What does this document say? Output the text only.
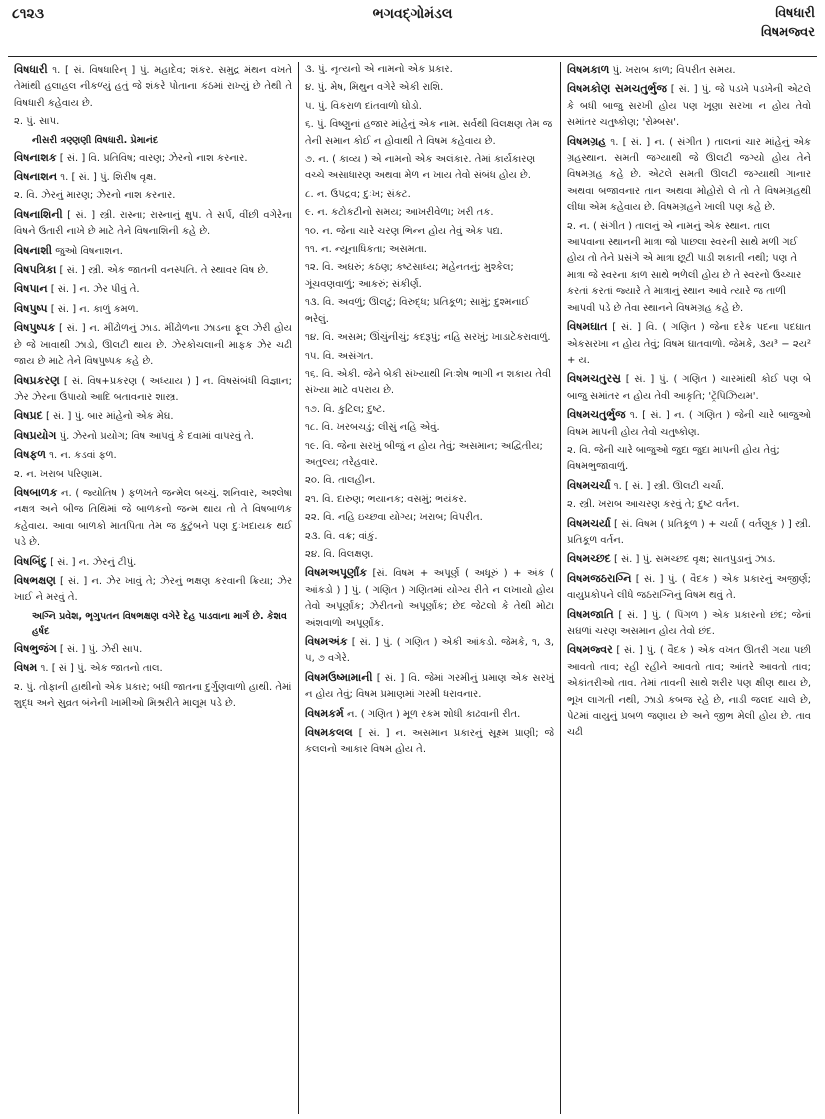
૮૧૨૩	ભગવદ્ગોમંડલ	વિષધારી
વિષમજ્વર

વિષધારી ૧. [ સં. વિષધારિન્ ] પું. મહાદેવ; શંકર. સમુદ્ર મંથન વખતે તેમાંથી હલાહલ નીકળ્યું હતું જે શંકરે પોતાના કંઠમાં રાખ્યું છે તેથી તે વિષધારી કહેવાય છે.

૨. પું. સાપ.

નીસરી ત્રણ્ણણી વિષધારી. પ્રેમાનંદ

વિષનાશક [ સં. ] વિ. પ્રતિવિષ; વારણ; ઝેરનો નાશ કરનાર.

વિષનાશન ૧. [ સં. ] પું. શિરીષ વૃક્ષ.

૨. વિ. ઝેરનું મારણ; ઝેરનો નાશ કરનાર.

વિષનાશિની [ સં. ] સ્ત્રી. રાસ્ના; રાસ્નાનું ક્ષુપ. તે સર્પ, વીંછી વગેરેના વિષને ઉતારી નાખે છે માટે તેને વિષનાશિની કહે છે.

વિષનાશી જુઓ વિષનાશન.

વિષપત્રિકા [ સં. ] સ્ત્રી. એક જાતની વનસ્પતિ. તે સ્થાવર વિષ છે.

વિષપાન [ સં. ] ન. ઝેર પીવું તે.

વિષપુષ્પ [ સં. ] ન. કાળું કમળ.

વિષપુષ્પક [ સં. ] ન. મીંઢોળનું ઝાડ. મીંઢોળના ઝાડના ફૂલ ઝેરી હોય છે જે ખાવાથી ઝાડો, ઊલટી થાય છે. ઝેરકોચલાની માફક ઝેર ચઢી જાય છે માટે તેને વિષપુષ્પક કહે છે.

વિષપ્રકરણ [ સં. વિષ+પ્રકરણ ( અધ્યાય ) ] ન. વિષસંબંધી વિજ્ઞાન; ઝેર ઝેરના ઉપાયો આદિ બતાવનાર શાસ્ત્ર.

વિષપ્રદ [ સં. ] પું. બાર માંહેનો એક મેઘ.

વિષપ્રયોગ પું. ઝેરનો પ્રયોગ; વિષ આપવું કે દવામાં વાપરવું તે.

વિષફળ ૧. ન. કડવાં ફળ.

૨. ન. ખરાબ પરિણામ.

વિષબાળક ન. ( જ્યોતિષ ) ફળખતે જન્મેલ બચ્ચું. શનિવાર, અશ્લેષા નક્ષત્ર અને બીજ તિથિમાં જે બાળકનો જન્મ થાય તો તે વિષબાળક કહેવાય. આવા બાળકો માતપિતા તેમ જ કુટુંબને પણ દુઃખદાયક થઈ પડે છે.

વિષબિંદુ [ સં. ] ન. ઝેરનું ટીપું.

વિષભક્ષણ [ સં. ] ન. ઝેર ખાવું તે; ઝેરનું ભક્ષણ કરવાની ક્રિયા; ઝેર ખાઈ ને મરવું તે.

અગ્નિ પ્રવેશ, ભૃગુપતન વિષભક્ષણ વગેરે દેહ પાડવાના માર્ગ છે. કેશવ હર્ષદ

વિષભુજંગ [ સં. ] પું. ઝેરી સાપ.

વિષમ ૧. [ સં ] પું. એક જાતનો તાલ.

૨. પું. તોફાની હાથીનો એક પ્રકાર; બધી જાતના દુર્ગુણવાળો હાથી. તેમાં શુદ્ધ અને સુવ્રત બંનેની ખામીઓ મિશ્રરીતે માલૂમ પડે છે.

૩. પું. નૃત્યનો એ નામનો એક પ્રકાર.

૪. પું. મેષ, મિથુન વગેરે એકી રાશિ.

૫. પું. વિકરાળ દાંતવાળો ઘોડો.

૬. પું. વિષ્ણુનાં હજાર માંહેનું એક નામ. સર્વથી વિલક્ષણ તેમ જ તેની સમાન કોઈ ન હોવાથી તે વિષમ કહેવાય છે.

૭. ન. ( કાવ્ય ) એ નામનો એક અલંકાર. તેમાં કાર્યકારણ વચ્ચે અસાધારણ અથવા મેળ ન ખાય તેવો સંબંધ હોય છે.

૮. ન. ઉપદ્રવ; દુઃખ; સંકટ.

૯. ન. કટોકટીનો સમય; આખરીવેળા; ખરી તક.

૧૦. ન. જેના ચારે ચરણ ભિન્ન હોય તેવું એક પદ્ય.

૧૧. ન. ન્યૂનાધિકતા; અસમતા.

૧૨. વિ. અઘરું; કઠણ; કષ્ટસાધ્ય; મહેનતનું; મુશ્કેલ; ગૂંચવણવાળું; આકરું; સંકીર્ણ.

૧૩. વિ. અવળું; ઊલટું; વિરુદ્ધ; પ્રતિકૂળ; સામું; દુશ્મનાઈ ભરેલું.

૧૪. વિ. અસમ; ઊંચુંનીચું; કદરૂપું; નહિ સરખું; ખાડાટેકરાવાળું.

૧૫. વિ. અસંગત.

૧૬. વિ. એકી. જેને બેકી સંખ્યાથી નિઃશેષ ભાગી ન શકાય તેવી સંખ્યા માટે વપરાય છે.

૧૭. વિ. કુટિલ; દુષ્ટ.

૧૮. વિ. ખરબચડું; લીસું નહિ એવું.

૧૯. વિ. જેના સરખું બીજું ન હોય તેવું; અસમાન; અદ્વિતીય; અતુલ્ય; તરેહવાર.

૨૦. વિ. તાલહીન.

૨૧. વિ. દારુણ; ભયાનક; વસમું; ભયંકર.

૨૨. વિ. નહિ ઇચ્છવા યોગ્ય; ખરાબ; વિપરીત.

૨૩. વિ. વક્ર; વાંકું.

૨૪. વિ. વિલક્ષણ.

વિષમઅપૂર્ણાંક [સં. વિષમ + અપૂર્ણ ( અધૂરું ) + અંક ( આંકડો ) ] પું. ( ગણિત ) ગણિતમાં યોગ્ય રીતે ન લખાયો હોય તેવો અપૂર્ણાંક; ઝેરીતનો અપૂર્ણાંક; છેદ જેટલો કે તેથી મોટા અંશવાળો અપૂર્ણાંક.

વિષમઅંક [ સં. ] પું. ( ગણિત ) એકી આંકડો. જેમકે, ૧, ૩, ૫, ૭ વગેરે.

વિષમઉષ્મામાની [ સં. ] વિ. જેમાં ગરમીનું પ્રમાણ એક સરખું ન હોય તેવું; વિષમ પ્રમાણમાં ગરમી ધરાવનાર.

વિષમકર્મ ન. ( ગણિત ) મૂળ રકમ શોધી કાઢવાની રીત.

વિષમકલલ [ સં. ] ન. અસમાન પ્રકારનું સૂક્ષ્મ પ્રાણી; જે કલલનો આકાર વિષમ હોય તે.

વિષમકાળ પું. ખરાબ કાળ; વિપરીત સમય.

વિષમકોણ સમચતુર્ભુજ [ સં. ] પું. જે પડખે પડખેની એટલે કે બધી બાજુ સરખી હોય પણ ખૂણા સરખા ન હોય તેવો સમાંતર ચતુષ્કોણ; 'રોમ્બસ'.

વિષમગ્રહ ૧. [ સં. ] ન. ( સંગીત ) તાલનાં ચાર માંહેનું એક ગ્રહસ્થાન. સમતી જગ્યાથી જે ઊલટી જગ્યો હોય તેને વિષમગ્રહ કહે છે. એટલે સમતી ઊલટી જગ્યાથી ગાનાર અથવા બજાવનાર તાન અથવા મોહોરો લે તો તે વિષમગ્રહથી લીધા એમ કહેવાય છે. વિષમગ્રહને ખાલી પણ કહે છે.

૨. ન. ( સંગીત ) તાલનું એ નામનું એક સ્થાન. તાલ આપવાના સ્થાનની માત્રા જો પાછલા સ્વરની સાથે મળી ગઈ હોય તો તેને પ્રસંગે એ માત્રા છૂટી પાડી શકાતી નથી; પણ તે માત્રા જે સ્વરના કાળ સાથે ભળેલી હોય છે તે સ્વરનો ઉચ્ચાર કરતાં કરતાં જ્યારે તે માત્રાનું સ્થાન આવે ત્યારે જ તાળી આપવી પડે છે તેવા સ્થાનને વિષમગ્રહ કહે છે.

વિષમઘાત [ સં. ] વિ. ( ગણિત ) જેના દરેક પદના પદઘાત એકસરખા ન હોય તેવું; વિષમ ઘાતવાળો. જેમકે, ૩ય³ − ૨ય² + ય.

વિષમચતુરસ્ર [ સં. ] પું. ( ગણિત ) ચારમાંથી કોઈ પણ બે બાજુ સમાંતર ન હોય તેવી આકૃતિ; 'ટ્રૅપિઝિયમ'.

વિષમચતુર્ભુજ ૧. [ સં. ] ન. ( ગણિત ) જેની ચારે બાજુઓ વિષમ માપની હોય તેવો ચતુષ્કોણ.

૨. વિ. જેની ચારે બાજુઓ જુદા જુદા માપની હોય તેવું; વિષમભુજાવાળું.

વિષમચર્ચા ૧. [ સં. ] સ્ત્રી. ઊલટી ચર્ચા.

૨. સ્ત્રી. ખરાબ આચરણ કરવું તે; દુષ્ટ વર્તન.

વિષમચર્યા [ સં. વિષમ ( પ્રતિકૂળ ) + ચર્યા ( વર્તણૂક ) ] સ્ત્રી. પ્રતિકૂળ વર્તન.

વિષમચ્છદ [ સં. ] પું. સમચ્છદ વૃક્ષ; સાતપુડાનું ઝાડ.

વિષમજઠરાગ્નિ [ સં. ] પું. ( વૈદક ) એક પ્રકારનું અજીર્ણ; વાયુપ્રકોપને લીધે જઠરાગ્નિનું વિષમ થવું તે.

વિષમજાતિ [ સં. ] પું. ( પિંગળ ) એક પ્રકારનો છંદ; જેનાં સઘળાં ચરણ અસમાન હોય તેવો છંદ.

વિષમજ્વર [ સં. ] પું. ( વૈદક ) એક વખત ઊતરી ગયા પછી આવતો તાવ; રહી રહીને આવતો તાવ; આંતરે આવતો તાવ; એકાંતરીઓ તાવ. તેમાં તાવની સાથે શરીર પણ ક્ષીણ થાય છે, ભૂખ લાગતી નથી, ઝાડો કબજ રહે છે, નાડી જલદ ચાલે છે, પેટમાં વાયુનું પ્રબળ જણાય છે અને જીભ મેલી હોય છે. તાવ ચઢી
